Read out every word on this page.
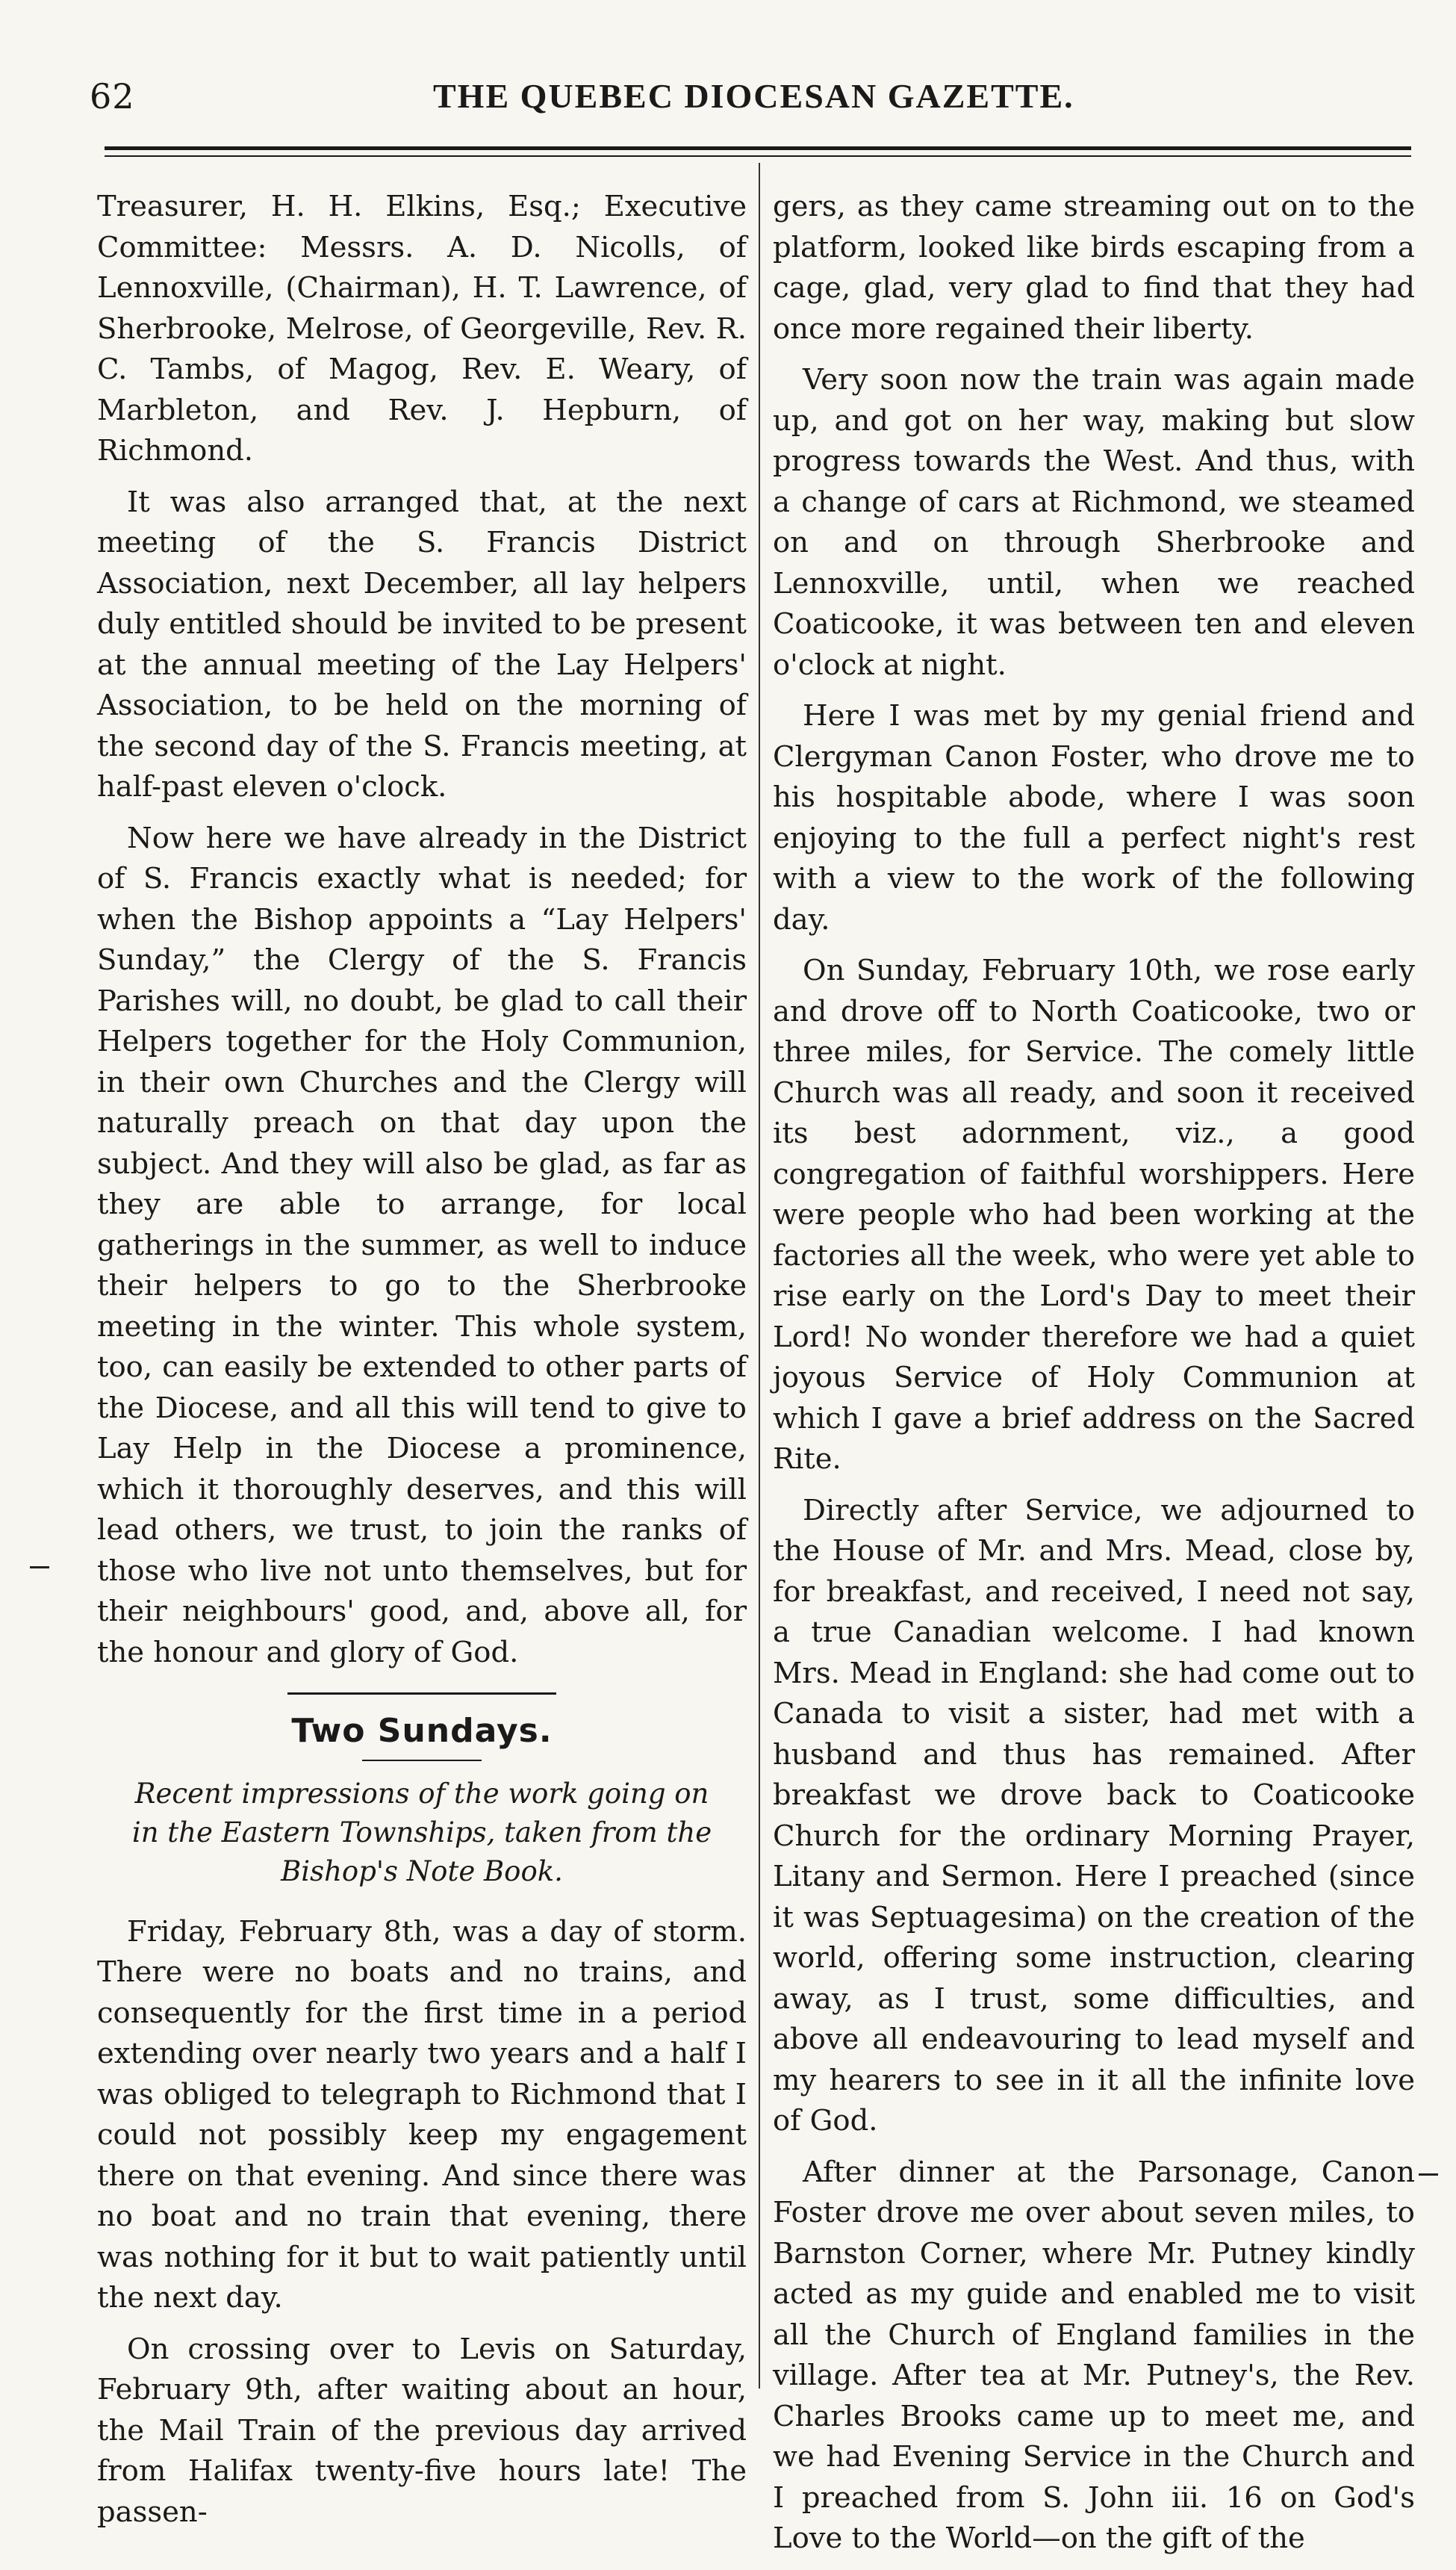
62	THE QUEBEC DIOCESAN GAZETTE.

Treasurer, H. H. Elkins, Esq.; Executive Committee: Messrs. A. D. Nicolls, of Lennoxville, (Chairman), H. T. Lawrence, of Sherbrooke, Melrose, of Georgeville, Rev. R. C. Tambs, of Magog, Rev. E. Weary, of Marbleton, and Rev. J. Hepburn, of Richmond.

It was also arranged that, at the next meeting of the S. Francis District Association, next December, all lay helpers duly entitled should be invited to be present at the annual meeting of the Lay Helpers' Association, to be held on the morning of the second day of the S. Francis meeting, at half-past eleven o'clock.

Now here we have already in the District of S. Francis exactly what is needed; for when the Bishop appoints a “Lay Helpers' Sunday,” the Clergy of the S. Francis Parishes will, no doubt, be glad to call their Helpers together for the Holy Communion, in their own Churches and the Clergy will naturally preach on that day upon the subject. And they will also be glad, as far as they are able to arrange, for local gatherings in the summer, as well to induce their helpers to go to the Sherbrooke meeting in the winter. This whole system, too, can easily be extended to other parts of the Diocese, and all this will tend to give to Lay Help in the Diocese a prominence, which it thoroughly deserves, and this will lead others, we trust, to join the ranks of those who live not unto themselves, but for their neighbours' good, and, above all, for the honour and glory of God.

Two Sundays.
Recent impressions of the work going on in the Eastern Townships, taken from the Bishop's Note Book.

Friday, February 8th, was a day of storm. There were no boats and no trains, and consequently for the first time in a period extending over nearly two years and a half I was obliged to telegraph to Richmond that I could not possibly keep my engagement there on that evening. And since there was no boat and no train that evening, there was nothing for it but to wait patiently until the next day.

On crossing over to Levis on Saturday, February 9th, after waiting about an hour, the Mail Train of the previous day arrived from Halifax twenty-five hours late! The passen-

gers, as they came streaming out on to the platform, looked like birds escaping from a cage, glad, very glad to find that they had once more regained their liberty.

Very soon now the train was again made up, and got on her way, making but slow progress towards the West. And thus, with a change of cars at Richmond, we steamed on and on through Sherbrooke and Lennoxville, until, when we reached Coaticooke, it was between ten and eleven o'clock at night.

Here I was met by my genial friend and Clergyman Canon Foster, who drove me to his hospitable abode, where I was soon enjoying to the full a perfect night's rest with a view to the work of the following day.

On Sunday, February 10th, we rose early and drove off to North Coaticooke, two or three miles, for Service. The comely little Church was all ready, and soon it received its best adornment, viz., a good congregation of faithful worshippers. Here were people who had been working at the factories all the week, who were yet able to rise early on the Lord's Day to meet their Lord! No wonder therefore we had a quiet joyous Service of Holy Communion at which I gave a brief address on the Sacred Rite.

Directly after Service, we adjourned to the House of Mr. and Mrs. Mead, close by, for breakfast, and received, I need not say, a true Canadian welcome. I had known Mrs. Mead in England: she had come out to Canada to visit a sister, had met with a husband and thus has remained. After breakfast we drove back to Coaticooke Church for the ordinary Morning Prayer, Litany and Sermon. Here I preached (since it was Septuagesima) on the creation of the world, offering some instruction, clearing away, as I trust, some difficulties, and above all endeavouring to lead myself and my hearers to see in it all the infinite love of God.

After dinner at the Parsonage, Canon Foster drove me over about seven miles, to Barnston Corner, where Mr. Putney kindly acted as my guide and enabled me to visit all the Church of England families in the village. After tea at Mr. Putney's, the Rev. Charles Brooks came up to meet me, and we had Evening Service in the Church and I preached from S. John iii. 16 on God's Love to the World—on the gift of the
